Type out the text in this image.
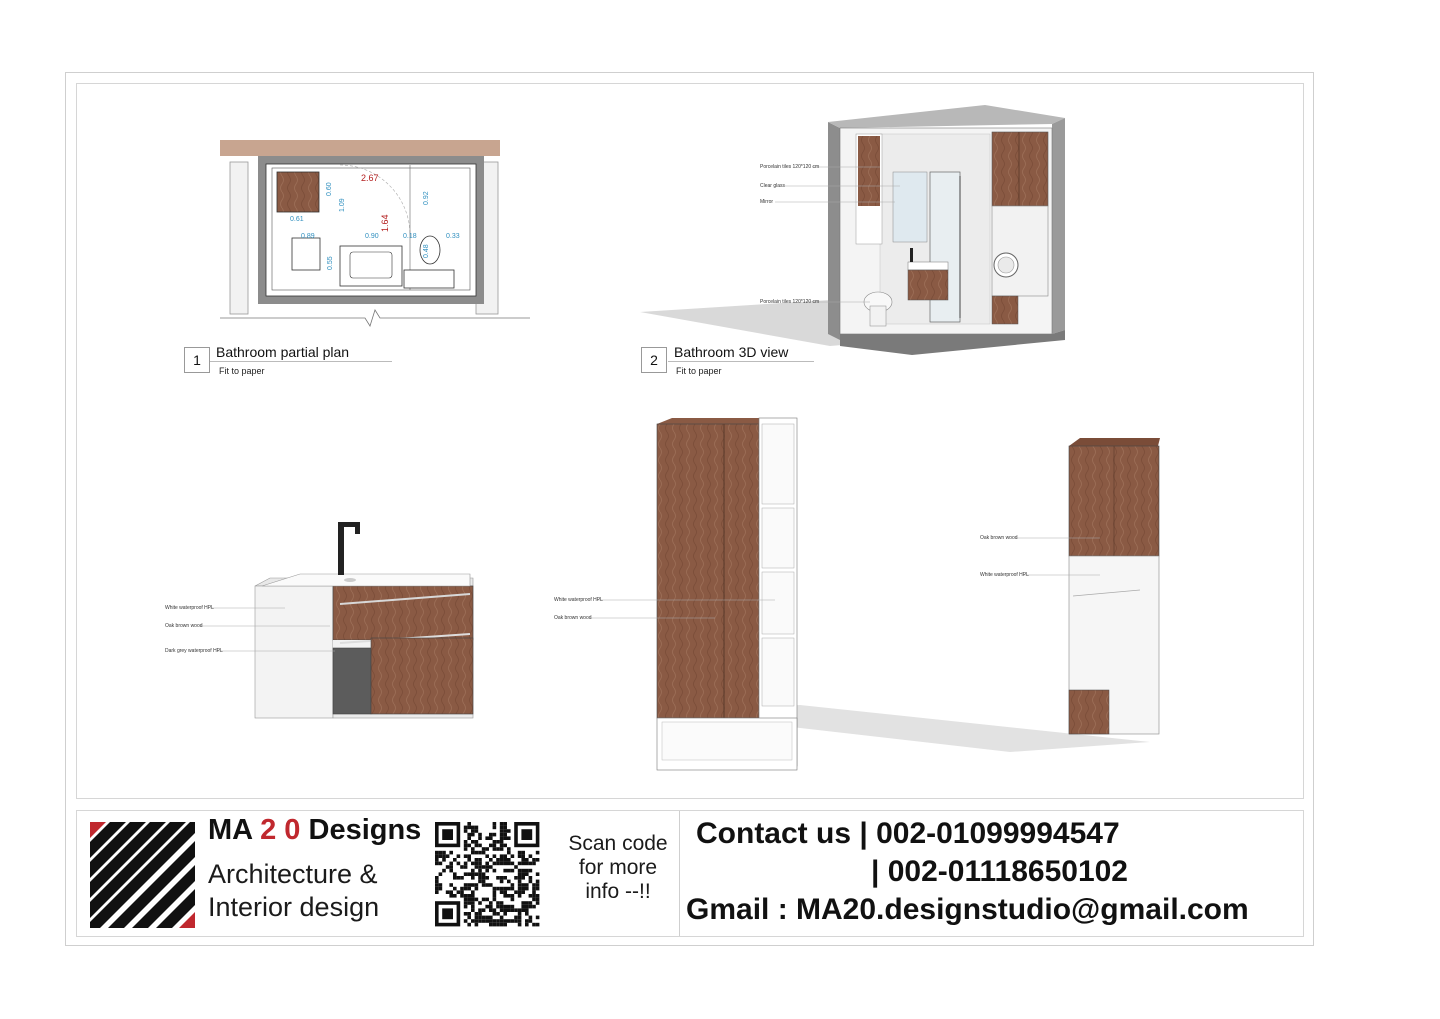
2.67
1.64
0.60
1.09
0.92
0.61
0.89	0.90	0.18	0.33
0.55
0.48
Porcelain tiles 120*120 cm
Clear glass
Mirror
Porcelain tiles 120*120 cm
White waterproof HPL
Oak brown wood
Dark grey waterproof HPL
White waterproof HPL
Oak brown wood
Oak brown wood
White waterproof HPL
1	Bathroom partial plan
Fit to paper
2	Bathroom 3D view
Fit to paper
MA 2 0 Designs
Architecture &
Interior design
Scan code
for more
info --!!
Contact us | 002-01099994547
| 002-01118650102
Gmail : MA20.designstudio@gmail.com
